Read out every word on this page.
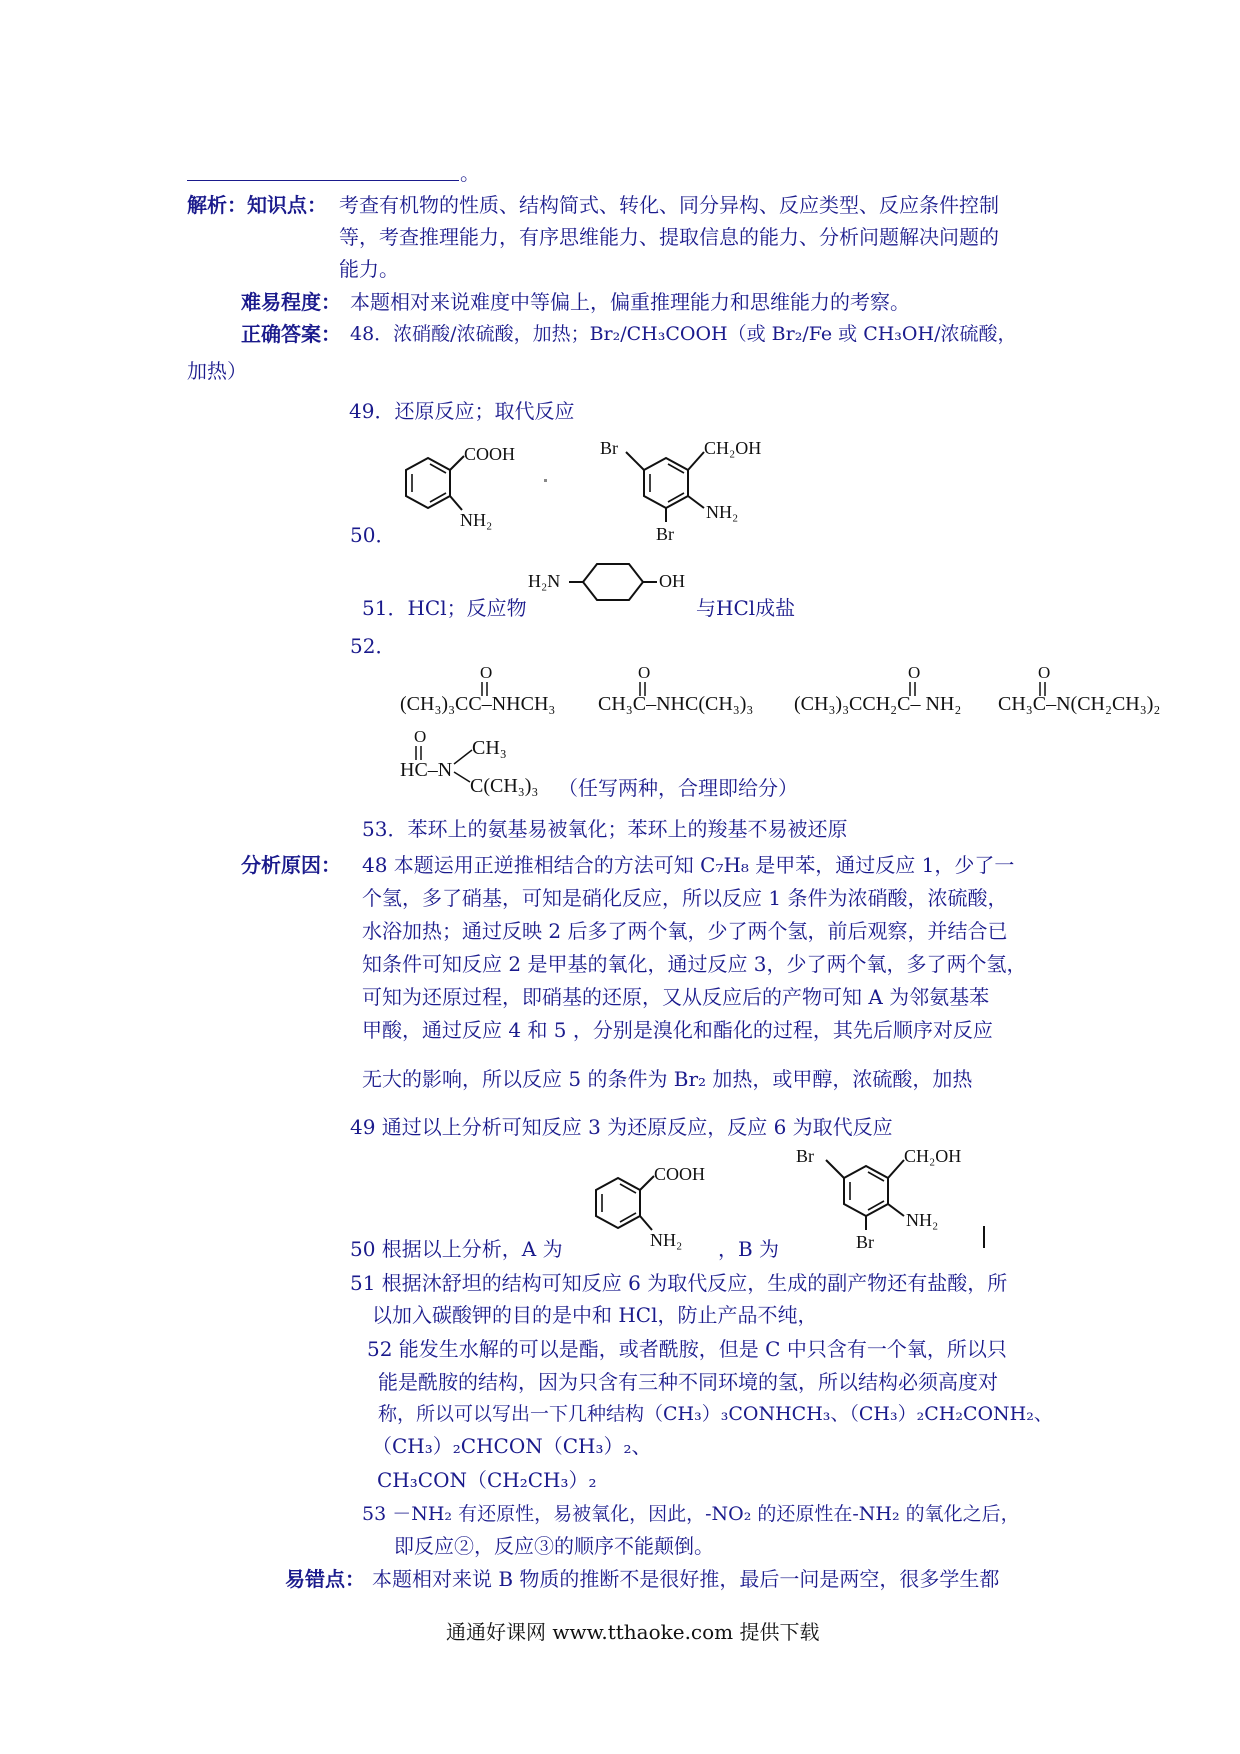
。
解析：知识点： 考查有机物的性质、结构简式、转化、同分异构、反应类型、反应条件控制
等，考查推理能力，有序思维能力、提取信息的能力、分析问题解决问题的
能力。
难易程度： 本题相对来说难度中等偏上，偏重推理能力和思维能力的考察。
正确答案： 48．浓硝酸/浓硫酸，加热；Br₂/CH₃COOH（或 Br₂/Fe 或 CH₃OH/浓硫酸，
加热）
49．还原反应；取代反应
50．
COOH
NH₂
Br	CH₂OH
NH₂
Br
51．HCl；反应物
H₂N	OH
与HCl成盐
52．
O
(CH₃)₃CC–NHCH₃
O
CH₃C–NHC(CH₃)₃
O
(CH₃)₃CCH₂C– NH₂
O
CH₃C–N(CH₂CH₃)₂
O
HC–N
CH₃
C(CH₃)₃ （任写两种，合理即给分）
53．苯环上的氨基易被氧化；苯环上的羧基不易被还原
分析原因： 48 本题运用正逆推相结合的方法可知 C₇H₈ 是甲苯，通过反应 1，少了一
个氢，多了硝基，可知是硝化反应，所以反应 1 条件为浓硝酸，浓硫酸，
水浴加热；通过反映 2 后多了两个氧，少了两个氢，前后观察，并结合已
知条件可知反应 2 是甲基的氧化，通过反应 3，少了两个氧，多了两个氢，
可知为还原过程，即硝基的还原，又从反应后的产物可知 A 为邻氨基苯
甲酸，通过反应 4 和 5 ，分别是溴化和酯化的过程，其先后顺序对反应
无大的影响，所以反应 5 的条件为 Br₂ 加热，或甲醇，浓硫酸，加热
49 通过以上分析可知反应 3 为还原反应，反应 6 为取代反应
COOH
NH₂
Br	CH₂OH
NH₂
Br
50 根据以上分析，A 为	，B 为
51 根据沐舒坦的结构可知反应 6 为取代反应，生成的副产物还有盐酸，所
以加入碳酸钾的目的是中和 HCl，防止产品不纯，
52 能发生水解的可以是酯，或者酰胺，但是 C 中只含有一个氧，所以只
能是酰胺的结构，因为只含有三种不同环境的氢，所以结构必须高度对
称，所以可以写出一下几种结构（CH₃）₃CONHCH₃、（CH₃）₂CH₂CONH₂、
（CH₃）₂CHCON（CH₃）₂、
CH₃CON（CH₂CH₃）₂
53 －NH₂ 有还原性，易被氧化，因此，-NO₂ 的还原性在-NH₂ 的氧化之后，
即反应②，反应③的顺序不能颠倒。
易错点： 本题相对来说 B 物质的推断不是很好推，最后一问是两空，很多学生都
通通好课网 www.tthaoke.com 提供下载
